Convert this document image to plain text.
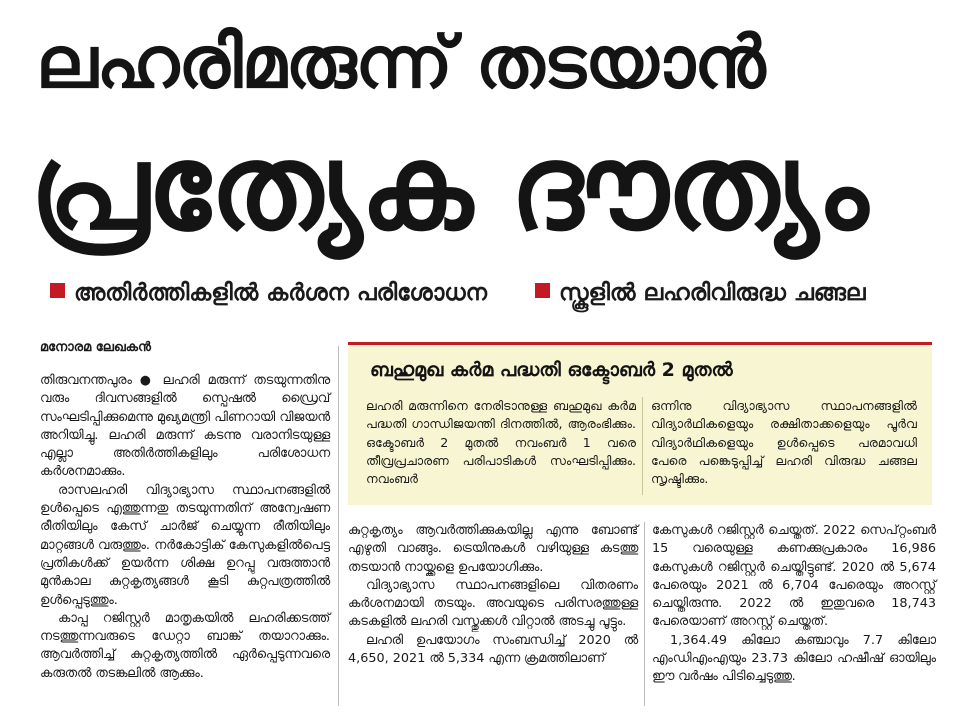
ലഹരിമരുന്ന് തടയാൻ
പ്രത്യേക ദൗത്യം
അതിർത്തികളിൽ കർശന പരിശോധന	സ്കൂളിൽ ലഹരിവിരുദ്ധ ചങ്ങല
മനോരമ ലേഖകൻ

തിരുവനന്തപുരം ● ലഹരി മരുന്ന് തടയുന്നതിനു വരും ദിവസങ്ങളിൽ സ്പെഷൽ ഡ്രൈവ് സംഘടിപ്പിക്കുമെന്നു മുഖ്യമന്ത്രി പിണറായി വിജയൻ അറിയിച്ചു. ലഹരി മരുന്ന് കടന്നു വരാനിടയുള്ള എല്ലാ അതിർത്തികളിലും പരിശോധന കർശനമാക്കും.

രാസലഹരി വിദ്യാഭ്യാസ സ്ഥാപനങ്ങളിൽ ഉൾപ്പെടെ എത്തുന്നതു തടയുന്നതിന് അന്വേഷണ രീതിയിലും കേസ് ചാർജ് ചെയ്യുന്ന രീതിയിലും മാറ്റങ്ങൾ വരുത്തും. നർകോട്ടിക് കേസുകളിൽപെട്ട പ്രതികൾക്ക് ഉയർന്ന ശിക്ഷ ഉറപ്പു വരുത്താൻ മുൻകാല കുറ്റകൃത്യങ്ങൾ കൂടി കുറ്റപത്രത്തിൽ ഉൾപ്പെടുത്തും.

കാപ്പ റജിസ്റ്റർ മാതൃകയിൽ ലഹരിക്കടത്ത് നടത്തുന്നവരുടെ ഡേറ്റാ ബാങ്ക് തയാറാക്കും. ആവർത്തിച്ച് കുറ്റകൃത്യത്തിൽ ഏർപ്പെടുന്നവരെ കരുതൽ തടങ്കലിൽ ആക്കും.

ബഹുമുഖ കർമ പദ്ധതി ഒക്ടോബർ 2 മുതൽ

ലഹരി മരുന്നിനെ നേരിടാനുള്ള ബഹുമുഖ കർമ പദ്ധതി ഗാന്ധിജയന്തി ദിനത്തിൽ, ആരംഭിക്കും. ഒക്ടോബർ 2 മുതൽ നവംബർ 1 വരെ തീവ്രപ്രചാരണ പരിപാടികൾ സംഘടിപ്പിക്കും. നവംബർ

ഒന്നിനു വിദ്യാഭ്യാസ സ്ഥാപനങ്ങളിൽ വിദ്യാർഥികളെയും രക്ഷിതാക്കളെയും പൂർവ വിദ്യാർഥികളെയും ഉൾപ്പെടെ പരമാവധി പേരെ പങ്കെടുപ്പിച്ച് ലഹരി വിരുദ്ധ ചങ്ങല സൃഷ്ടിക്കും.

കുറ്റകൃത്യം ആവർത്തിക്കുകയില്ല എന്നു ബോണ്ട് എഴുതി വാങ്ങും. ട്രെയിനുകൾ വഴിയുള്ള കടത്തു തടയാൻ നായ്ക്കളെ ഉപയോഗിക്കും.

വിദ്യാഭ്യാസ സ്ഥാപനങ്ങളിലെ വിതരണം കർശനമായി തടയും. അവയുടെ പരിസരത്തുള്ള കടകളിൽ ലഹരി വസ്തുക്കൾ വിറ്റാൽ അടച്ചു പൂട്ടും.

ലഹരി ഉപയോഗം സംബന്ധിച്ച് 2020 ൽ 4,650, 2021 ൽ 5,334 എന്ന ക്രമത്തിലാണ്

കേസുകൾ റജിസ്റ്റർ ചെയ്തത്. 2022 സെപ്റ്റംബർ 15 വരെയുള്ള കണക്കുപ്രകാരം 16,986 കേസുകൾ റജിസ്റ്റർ ചെയ്തിട്ടുണ്ട്. 2020 ൽ 5,674 പേരെയും 2021 ൽ 6,704 പേരെയും അറസ്റ്റ് ചെയ്തിരുന്നു. 2022 ൽ ഇതുവരെ 18,743 പേരെയാണ് അറസ്റ്റ് ചെയ്തത്.

1,364.49 കിലോ കഞ്ചാവും 7.7 കിലോ എംഡിഎംഎയും 23.73 കിലോ ഹഷീഷ് ഓയിലും ഈ വർഷം പിടിച്ചെടുത്തു.
